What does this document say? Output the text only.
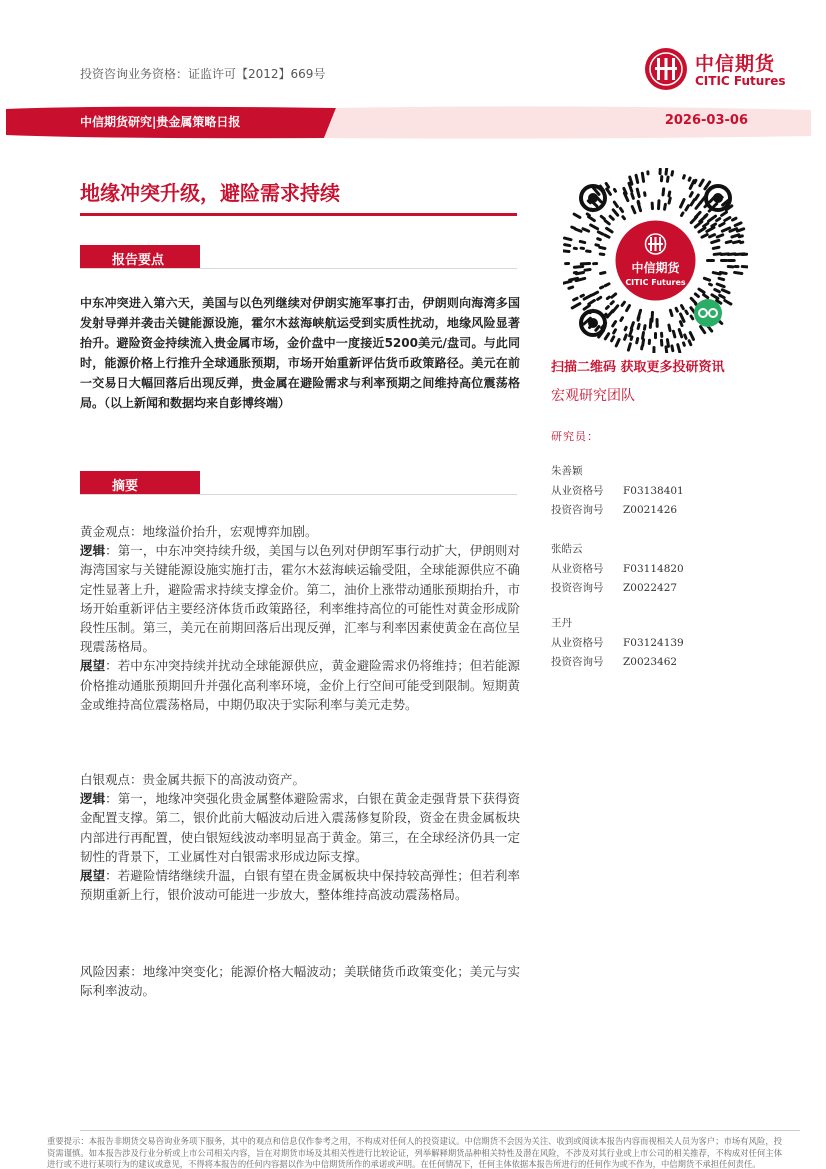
投资咨询业务资格：证监许可【2012】669号	中信期货
CITIC Futures
中信期货研究|贵金属策略日报	2026-03-06
地缘冲突升级，避险需求持续
报告要点
中东冲突进入第六天，美国与以色列继续对伊朗实施军事打击，伊朗则向海湾多国发射导弹并袭击关键能源设施，霍尔木兹海峡航运受到实质性扰动，地缘风险显著抬升。避险资金持续流入贵金属市场，金价盘中一度接近5200美元/盘司。与此同时，能源价格上行推升全球通胀预期，市场开始重新评估货币政策路径。美元在前一交易日大幅回落后出现反弹，贵金属在避险需求与利率预期之间维持高位震荡格局。（以上新闻和数据均来自彭博终端）
摘要

黄金观点：地缘溢价抬升，宏观博弈加剧。

逻辑：第一，中东冲突持续升级，美国与以色列对伊朗军事行动扩大，伊朗则对海湾国家与关键能源设施实施打击，霍尔木兹海峡运输受阻，全球能源供应不确定性显著上升，避险需求持续支撑金价。第二，油价上涨带动通胀预期抬升，市场开始重新评估主要经济体货币政策路径，利率维持高位的可能性对黄金形成阶段性压制。第三，美元在前期回落后出现反弹，汇率与利率因素使黄金在高位呈现震荡格局。

展望：若中东冲突持续并扰动全球能源供应，黄金避险需求仍将维持；但若能源价格推动通胀预期回升并强化高利率环境，金价上行空间可能受到限制。短期黄金或维持高位震荡格局，中期仍取决于实际利率与美元走势。

白银观点：贵金属共振下的高波动资产。

逻辑：第一，地缘冲突强化贵金属整体避险需求，白银在黄金走强背景下获得资金配置支撑。第二，银价此前大幅波动后进入震荡修复阶段，资金在贵金属板块内部进行再配置，使白银短线波动率明显高于黄金。第三，在全球经济仍具一定韧性的背景下，工业属性对白银需求形成边际支撑。

展望：若避险情绪继续升温，白银有望在贵金属板块中保持较高弹性；但若利率预期重新上行，银价波动可能进一步放大，整体维持高波动震荡格局。

风险因素：地缘冲突变化；能源价格大幅波动；美联储货币政策变化；美元与实际利率波动。

中信期货
CITIC Futures
扫描二维码 获取更多投研资讯
宏观研究团队
研究员：
朱善颖
从业资格号 F03138401
投资咨询号 Z0021426
张皓云
从业资格号 F03114820
投资咨询号 Z0022427
王丹
从业资格号 F03124139
投资咨询号 Z0023462
重要提示：本报告非期货交易咨询业务项下服务，其中的观点和信息仅作参考之用，不构成对任何人的投资建议。中信期货不会因为关注、收到或阅读本报告内容而视相关人员为客户；市场有风险，投资需谨慎。如本报告涉及行业分析或上市公司相关内容，旨在对期货市场及其相关性进行比较论证，列举解释期货品种相关特性及潜在风险，不涉及对其行业或上市公司的相关推荐，不构成对任何主体进行或不进行某项行为的建议或意见，不得将本报告的任何内容据以作为中信期货所作的承诺或声明。在任何情况下，任何主体依据本报告所进行的任何作为或不作为，中信期货不承担任何责任。
